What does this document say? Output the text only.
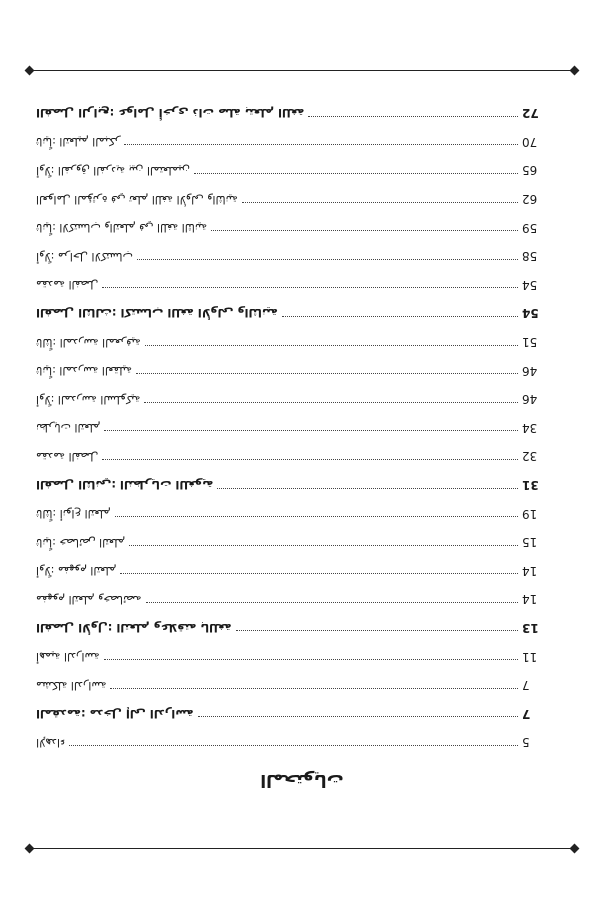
72
الفصل الرابع: عوامل أخرى ذات صلة بتعلم اللغة
70
ثانياً: التعليم المبكر
65
أولاً: الفروق الفردية بين المتعلمين
62
العوامل المؤثرة في تعلم اللغة الأولى والثانية
59
ثانياً: الاكتساب والتعلم في اللغة الثانية
58
أولاً: مراحل الاكتساب
54
مقدمة الفصل
54
الفصل الثالث: اكتساب اللغة الأولى والثانية
51
ثالثاً: المدرسة المعرفية
46
ثانياً: المدرسة العقلية
46
أولاً: المدرسة السلوكية
34
نظريات التعلم
32
مقدمة الفصل
31
الفصل الثاني: النظريات اللغوية
19
ثالثاً: أنواع التعلم
15
ثانياً: خصائص التعلم
14
أولاً: مفهوم التعلم
14
مفهوم التعلم وخصائصه
13
الفصل الأول: التعلم وعلاقته باللغة
11
أهمية الدراسة
7
مشكلة الدراسة
7
المقدمة: مدخل إلى الدراسة
5
الإهداء
المحتويات
